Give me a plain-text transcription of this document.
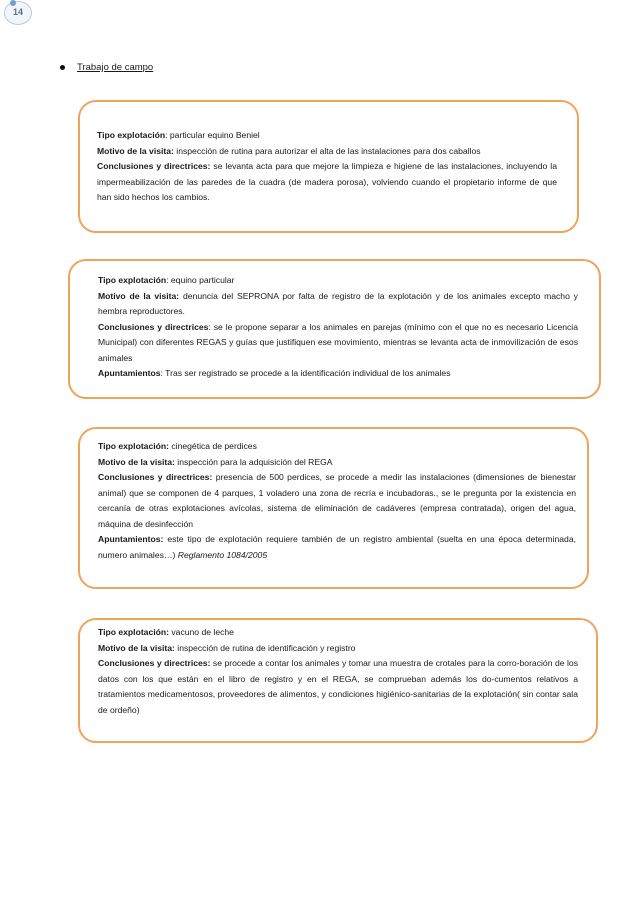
14
Trabajo de campo
Tipo explotación: particular equino Beniel
Motivo de la visita: inspección de rutina para autorizar el alta de las instalaciones para dos caballos
Conclusiones y directrices: se levanta acta para que mejore la limpieza e higiene de las instalaciones, incluyendo la impermeabilización de las paredes de la cuadra (de madera porosa), volviendo cuando el propietario informe de que han sido hechos los cambios.
Tipo explotación: equino particular
Motivo de la visita: denuncia del SEPRONA por falta de registro de la explotación y de los animales excepto macho y hembra reproductores.
Conclusiones y directrices: se le propone separar a los animales en parejas (mínimo con el que no es necesario Licencia Municipal) con diferentes REGAS y guías que justifiquen ese movimiento, mientras se levanta acta de inmovilización de esos animales
Apuntamientos: Tras ser registrado se procede a la identificación individual de los animales
Tipo explotación: cinegética de perdices
Motivo de la visita: inspección para la adquisición del REGA
Conclusiones y directrices: presencia de 500 perdices, se procede a medir las instalaciones (dimensiones de bienestar animal) que se componen de 4 parques, 1 voladero una zona de recría e incubadoras., se le pregunta por la existencia en cercanía de otras explotaciones avícolas, sistema de eliminación de cadáveres (empresa contratada), origen del agua, máquina de desinfección
Apuntamientos: este tipo de explotación requiere también de un registro ambiental (suelta en una época determinada, numero animales…) Reglamento 1084/2005
Tipo explotación: vacuno de leche
Motivo de la visita: inspección de rutina de identificación y registro
Conclusiones y directrices: se procede a contar los animales y tomar una muestra de crotales para la corro-boración de los datos con los que están en el libro de registro y en el REGA, se comprueban además los do-cumentos relativos a tratamientos medicamentosos, proveedores de alimentos, y condiciones higiénico-sanitarias de la explotación( sin contar sala de ordeño)
